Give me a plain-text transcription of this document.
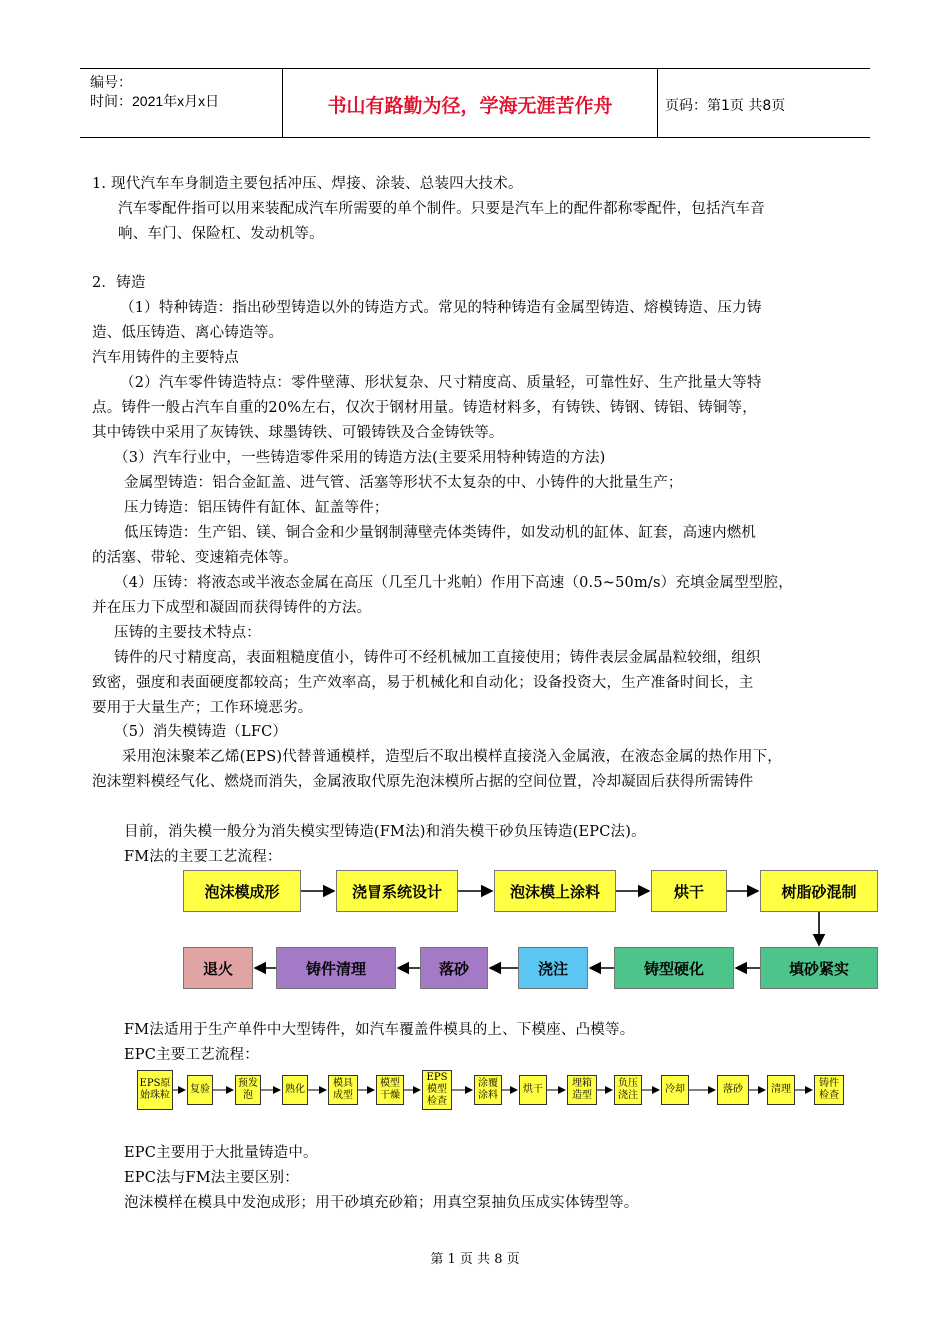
编号：
时间：2021年x月x日	书山有路勤为径，学海无涯苦作舟	页码：第1页 共8页
1. 现代汽车车身制造主要包括冲压、焊接、涂装、总装四大技术。
汽车零配件指可以用来装配成汽车所需要的单个制件。只要是汽车上的配件都称零配件，包括汽车音
响、车门、保险杠、发动机等。
2．铸造
（1）特种铸造：指出砂型铸造以外的铸造方式。常见的特种铸造有金属型铸造、熔模铸造、压力铸
造、低压铸造、离心铸造等。
汽车用铸件的主要特点
（2）汽车零件铸造特点：零件壁薄、形状复杂、尺寸精度高、质量轻，可靠性好、生产批量大等特
点。铸件一般占汽车自重的20%左右，仅次于钢材用量。铸造材料多，有铸铁、铸钢、铸铝、铸铜等，
其中铸铁中采用了灰铸铁、球墨铸铁、可锻铸铁及合金铸铁等。
（3）汽车行业中，一些铸造零件采用的铸造方法(主要采用特种铸造的方法)
金属型铸造：铝合金缸盖、进气管、活塞等形状不太复杂的中、小铸件的大批量生产；
压力铸造：铝压铸件有缸体、缸盖等件；
低压铸造：生产铝、镁、铜合金和少量钢制薄壁壳体类铸件，如发动机的缸体、缸套，高速内燃机
的活塞、带轮、变速箱壳体等。
（4）压铸：将液态或半液态金属在高压（几至几十兆帕）作用下高速（0.5~50m/s）充填金属型型腔，
并在压力下成型和凝固而获得铸件的方法。
压铸的主要技术特点：
铸件的尺寸精度高，表面粗糙度值小，铸件可不经机械加工直接使用；铸件表层金属晶粒较细，组织
致密，强度和表面硬度都较高；生产效率高，易于机械化和自动化；设备投资大，生产准备时间长，主
要用于大量生产；工作环境恶劣。
（5）消失模铸造（LFC）
采用泡沫聚苯乙烯(EPS)代替普通模样，造型后不取出模样直接浇入金属液，在液态金属的热作用下，
泡沫塑料模经气化、燃烧而消失，金属液取代原先泡沫模所占据的空间位置，冷却凝固后获得所需铸件
目前，消失模一般分为消失模实型铸造(FM法)和消失模干砂负压铸造(EPC法)。
FM法的主要工艺流程：
泡沫模成形	浇冒系统设计	泡沫模上涂料	烘干	树脂砂混制
退火	铸件清理	落砂	浇注	铸型硬化	填砂紧实
FM法适用于生产单件中大型铸件，如汽车覆盖件模具的上、下模座、凸模等。
EPC主要工艺流程：
EPS原始珠粒
复验
预发泡
熟化
模具成型
模型干燥
EPS模型检查
涂覆涂料
烘干
埋箱造型
负压浇注
冷却	落砂	清理
铸件检查
EPC主要用于大批量铸造中。
EPC法与FM法主要区别：
泡沫模样在模具中发泡成形；用干砂填充砂箱；用真空泵抽负压成实体铸型等。
第 1 页 共 8 页
